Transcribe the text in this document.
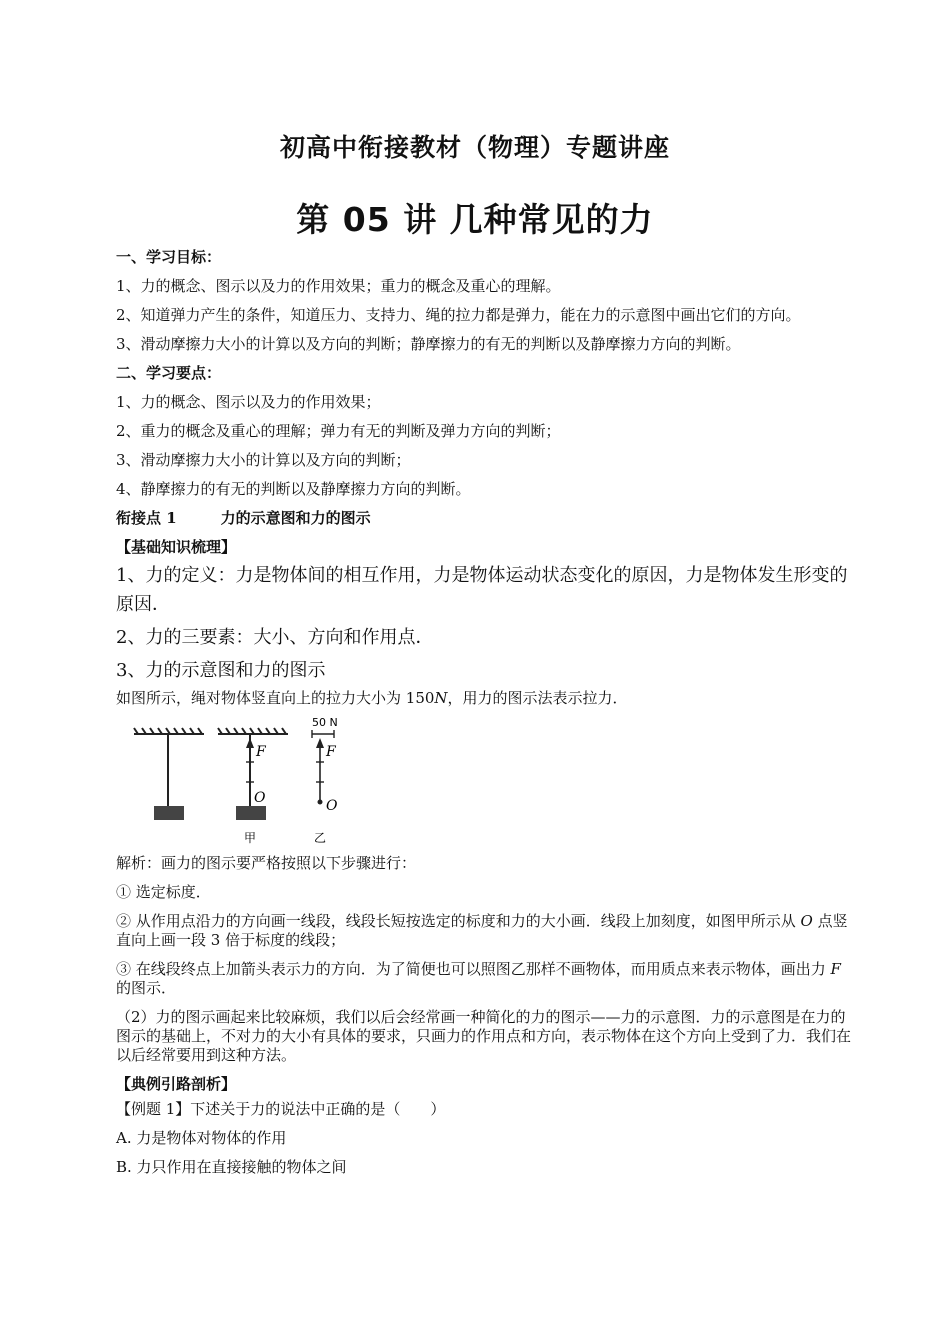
初高中衔接教材（物理）专题讲座
第 05 讲 几种常见的力

一、学习目标：

1、力的概念、图示以及力的作用效果；重力的概念及重心的理解。

2、知道弹力产生的条件，知道压力、支持力、绳的拉力都是弹力，能在力的示意图中画出它们的方向。

3、滑动摩擦力大小的计算以及方向的判断；静摩擦力的有无的判断以及静摩擦力方向的判断。

二、学习要点：

1、力的概念、图示以及力的作用效果；

2、重力的概念及重心的理解；弹力有无的判断及弹力方向的判断；

3、滑动摩擦力大小的计算以及方向的判断；

4、静摩擦力的有无的判断以及静摩擦力方向的判断。

衔接点 1	力的示意图和力的图示

【基础知识梳理】

1、力的定义：力是物体间的相互作用，力是物体运动状态变化的原因，力是物体发生形变的原因．

2、力的三要素：大小、方向和作用点．

3、力的示意图和力的图示

如图所示，绳对物体竖直向上的拉力大小为 150N，用力的图示法表示拉力．

50 N
F	F
O	O
甲	乙

解析：画力的图示要严格按照以下步骤进行：

① 选定标度．

② 从作用点沿力的方向画一线段，线段长短按选定的标度和力的大小画．线段上加刻度，如图甲所示从 O 点竖直向上画一段 3 倍于标度的线段；

③ 在线段终点上加箭头表示力的方向．为了简便也可以照图乙那样不画物体，而用质点来表示物体，画出力 F 的图示．

（2）力的图示画起来比较麻烦，我们以后会经常画一种简化的力的图示——力的示意图．力的示意图是在力的图示的基础上，不对力的大小有具体的要求，只画力的作用点和方向，表示物体在这个方向上受到了力．我们在以后经常要用到这种方法。

【典例引路剖析】

【例题 1】下述关于力的说法中正确的是（　　）

A. 力是物体对物体的作用

B. 力只作用在直接接触的物体之间
